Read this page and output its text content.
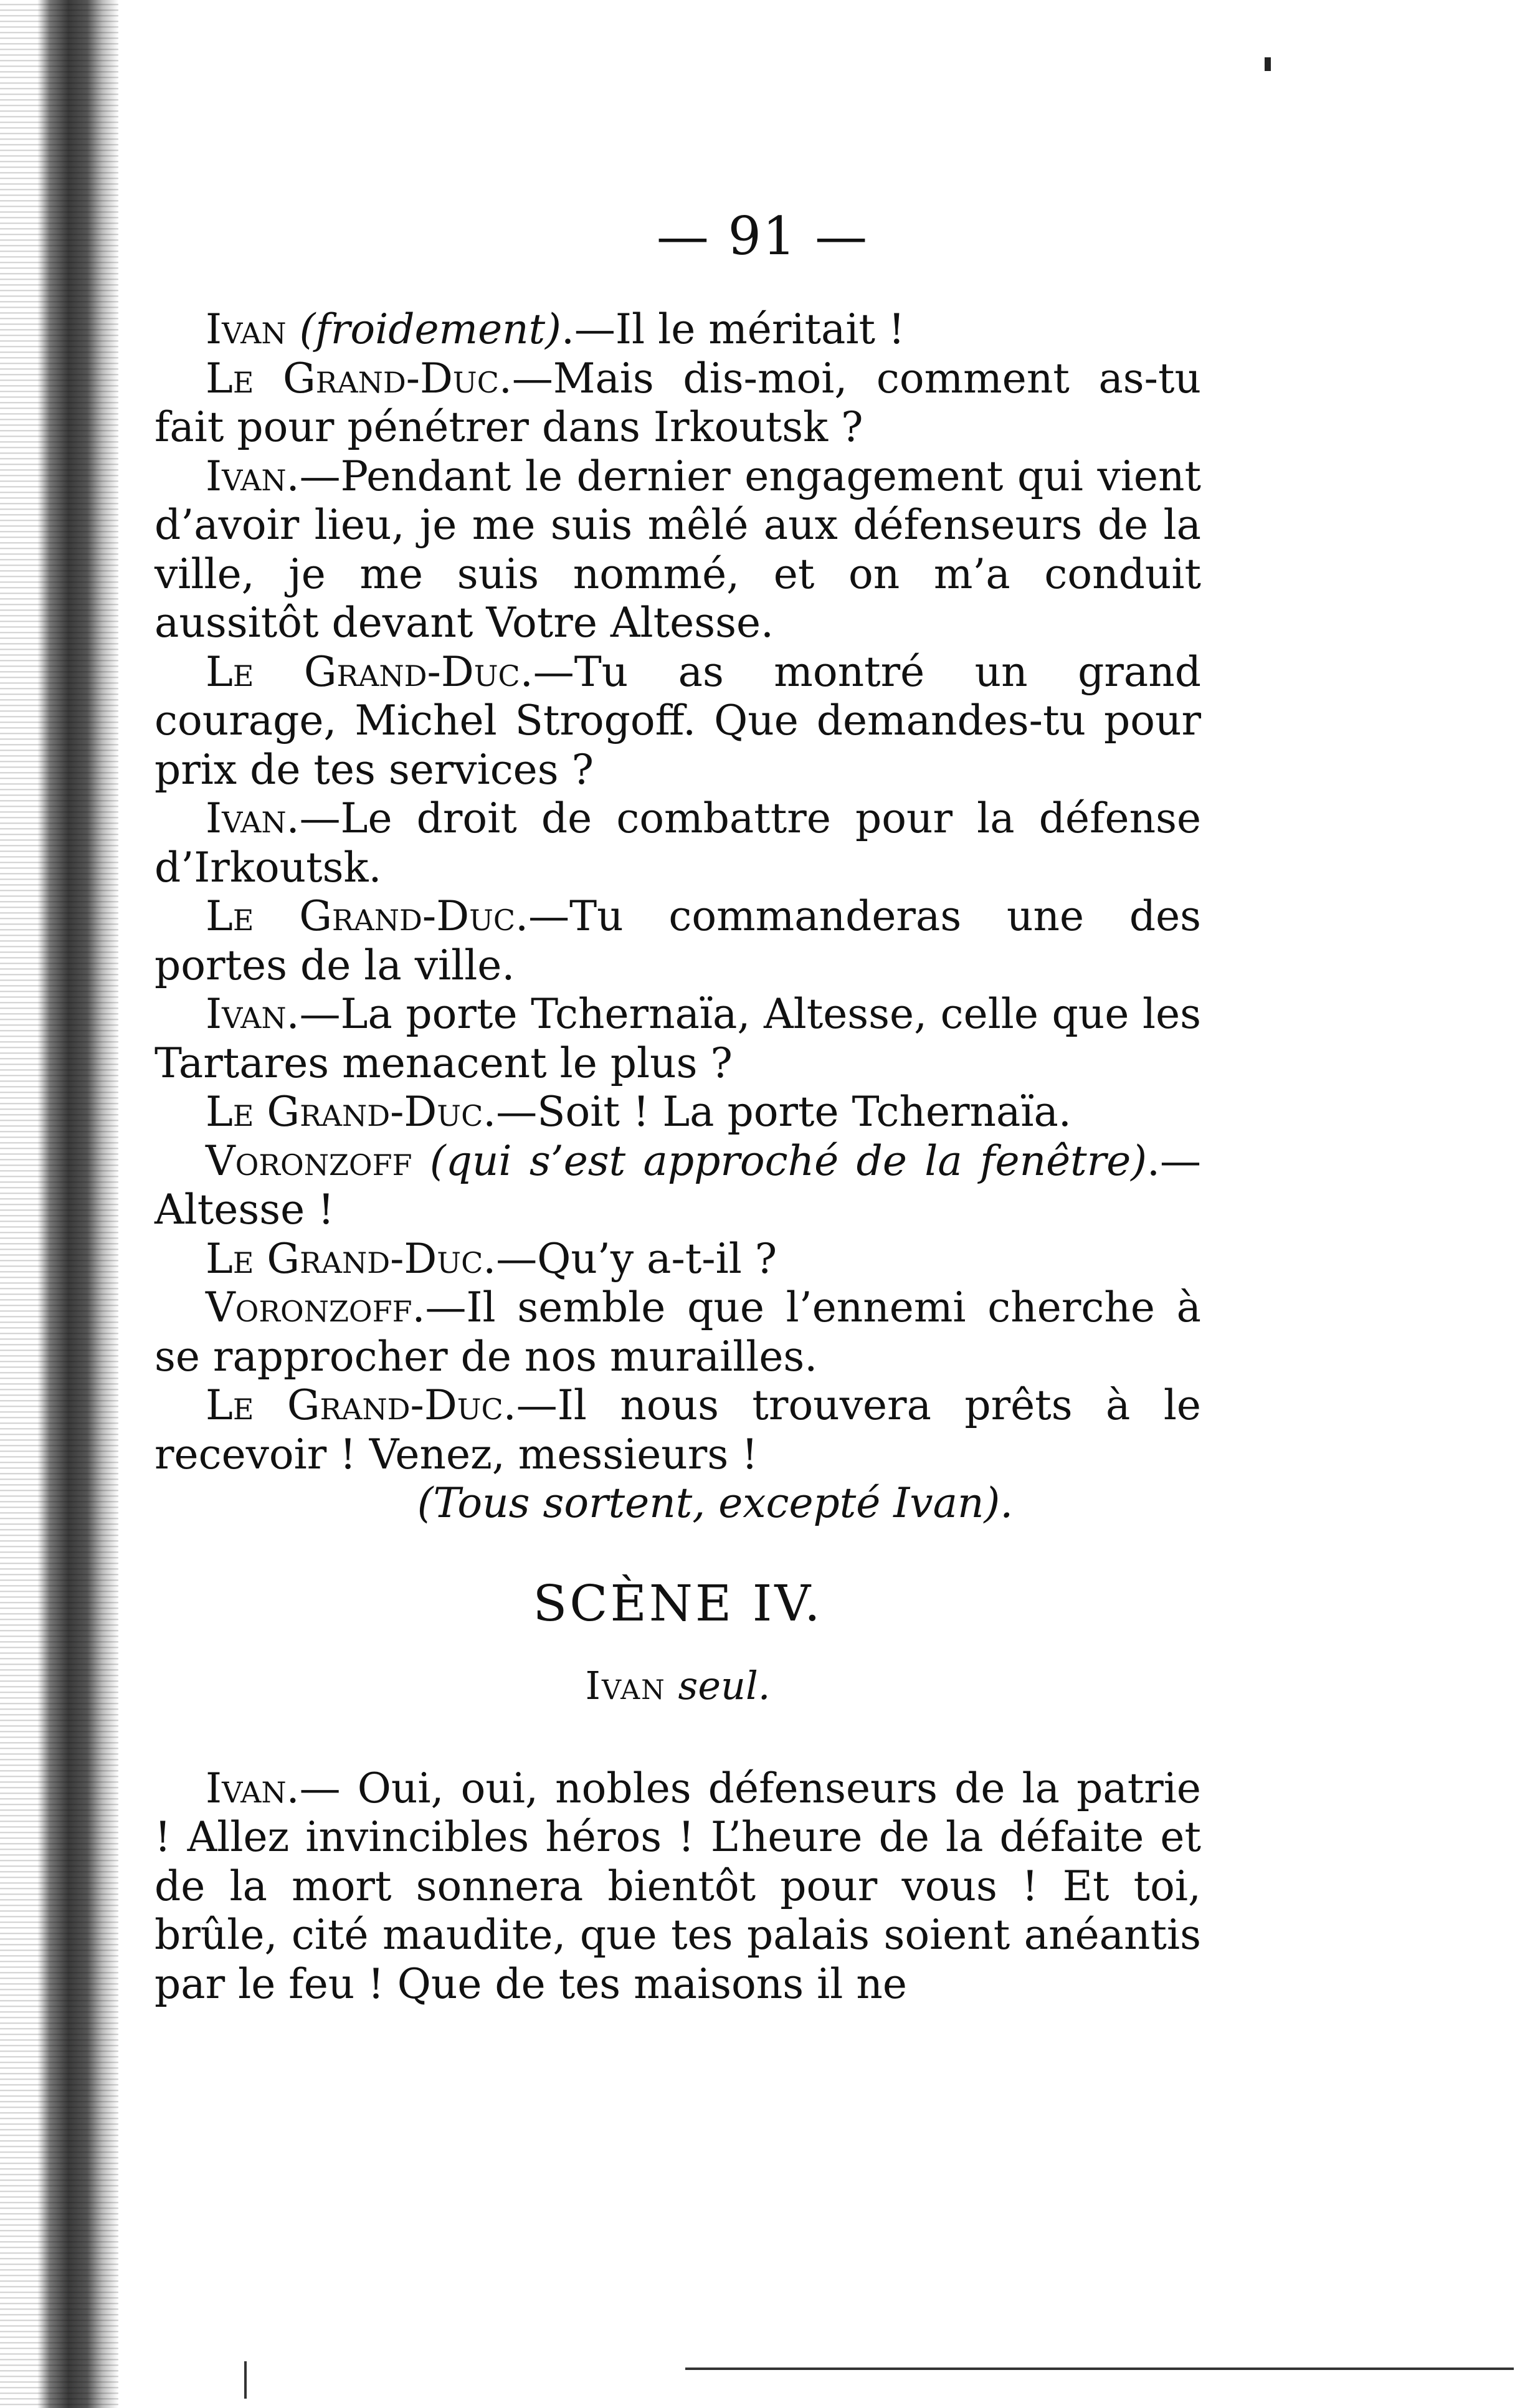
— 91 —

Ivan (froidement).—Il le méritait !

Le Grand-Duc.—Mais dis-moi, comment as-tu fait pour pénétrer dans Irkoutsk ?

Ivan.—Pendant le dernier engagement qui vient d’avoir lieu, je me suis mêlé aux défenseurs de la ville, je me suis nommé, et on m’a conduit aussitôt devant Votre Altesse.

Le Grand-Duc.—Tu as montré un grand courage, Michel Strogoff. Que demandes-tu pour prix de tes services ?

Ivan.—Le droit de combattre pour la défense d’Irkoutsk.

Le Grand-Duc.—Tu commanderas une des portes de la ville.

Ivan.—La porte Tchernaïa, Altesse, celle que les Tartares menacent le plus ?

Le Grand-Duc.—Soit ! La porte Tchernaïa.

Voronzoff (qui s’est approché de la fenêtre).— Altesse !

Le Grand-Duc.—Qu’y a-t-il ?

Voronzoff.—Il semble que l’ennemi cherche à se rapprocher de nos murailles.

Le Grand-Duc.—Il nous trouvera prêts à le recevoir ! Venez, messieurs !

(Tous sortent, excepté Ivan).

SCÈNE IV.

Ivan seul.

Ivan.— Oui, oui, nobles défenseurs de la patrie ! Allez invincibles héros ! L’heure de la défaite et de la mort sonnera bientôt pour vous ! Et toi, brûle, cité maudite, que tes palais soient anéantis par le feu ! Que de tes maisons il ne
